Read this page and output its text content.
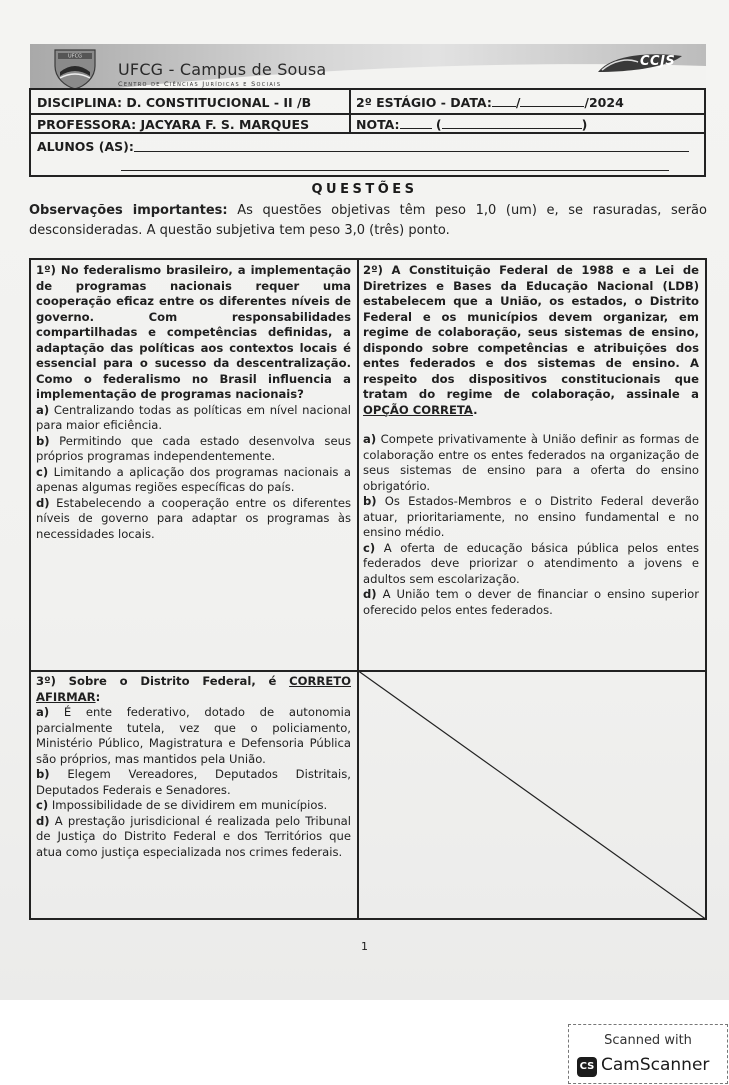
UFCG
UFCG - Campus de Sousa
Centro de Ciências Jurídicas e Sociais
CCJS
DISCIPLINA: D. CONSTITUCIONAL - II /B	2º ESTÁGIO - DATA: /	/2024
PROFESSORA: JACYARA F. S. MARQUES	NOTA:	(	)
ALUNOS (AS):
QUESTÕES
Observações importantes: As questões objetivas têm peso 1,0 (um) e, se rasuradas, serão desconsideradas. A questão subjetiva tem peso 3,0 (três) ponto.

1º) No federalismo brasileiro, a implementação de programas nacionais requer uma cooperação eficaz entre os diferentes níveis de governo. Com responsabilidades compartilhadas e competências definidas, a adaptação das políticas aos contextos locais é essencial para o sucesso da descentralização. Como o federalismo no Brasil influencia a implementação de programas nacionais?

a) Centralizando todas as políticas em nível nacional para maior eficiência.

b) Permitindo que cada estado desenvolva seus próprios programas independentemente.

c) Limitando a aplicação dos programas nacionais a apenas algumas regiões específicas do país.

d) Estabelecendo a cooperação entre os diferentes níveis de governo para adaptar os programas às necessidades locais.

2º) A Constituição Federal de 1988 e a Lei de Diretrizes e Bases da Educação Nacional (LDB) estabelecem que a União, os estados, o Distrito Federal e os municípios devem organizar, em regime de colaboração, seus sistemas de ensino, dispondo sobre competências e atribuições dos entes federados e dos sistemas de ensino. A respeito dos dispositivos constitucionais que tratam do regime de colaboração, assinale a OPÇÃO CORRETA.

a) Compete privativamente à União definir as formas de colaboração entre os entes federados na organização de seus sistemas de ensino para a oferta do ensino obrigatório.

b) Os Estados-Membros e o Distrito Federal deverão atuar, prioritariamente, no ensino fundamental e no ensino médio.

c) A oferta de educação básica pública pelos entes federados deve priorizar o atendimento a jovens e adultos sem escolarização.

d) A União tem o dever de financiar o ensino superior oferecido pelos entes federados.

3º) Sobre o Distrito Federal, é CORRETO AFIRMAR:

a) É ente federativo, dotado de autonomia parcialmente tutela, vez que o policiamento, Ministério Público, Magistratura e Defensoria Pública são próprios, mas mantidos pela União.

b) Elegem Vereadores, Deputados Distritais, Deputados Federais e Senadores.

c) Impossibilidade de se dividirem em municípios.

d) A prestação jurisdicional é realizada pelo Tribunal de Justiça do Distrito Federal e dos Territórios que atua como justiça especializada nos crimes federais.

1
Scanned with
CS CamScanner
